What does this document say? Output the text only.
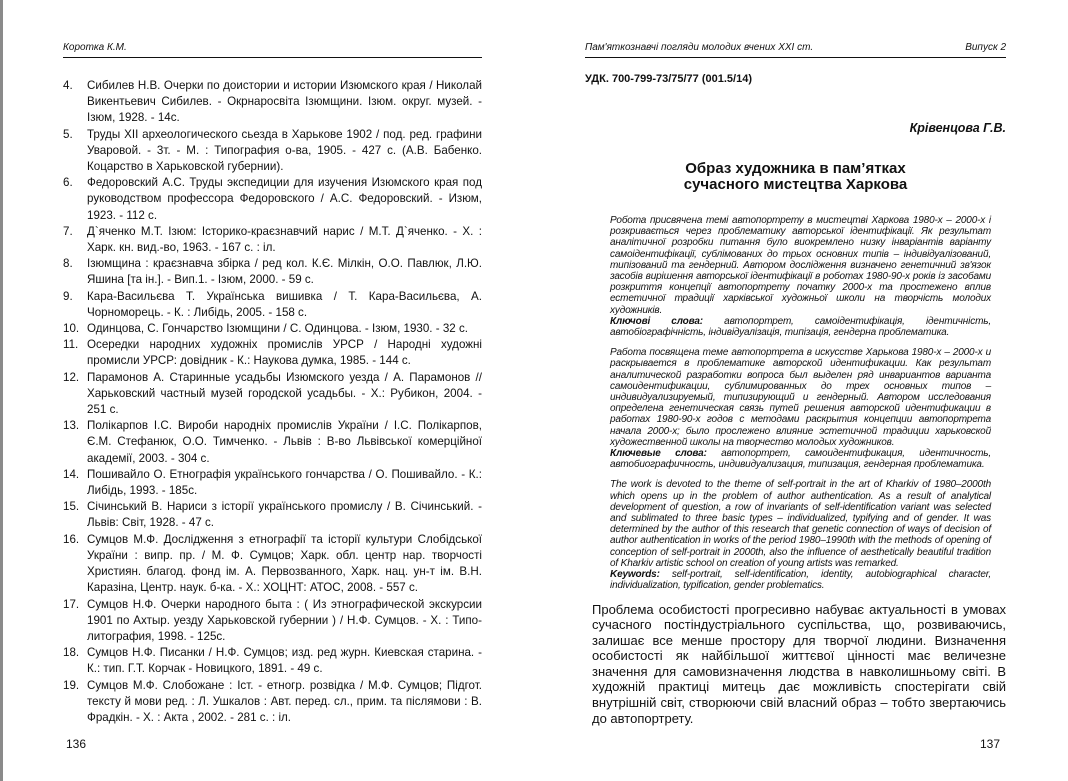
Коротка К.М.
4.	Сибилев Н.В. Очерки по доистории и истории Изюмского края / Николай Викентьевич Сибилев. - Окрнаросвіта Ізюмщини. Ізюм. округ. музей. - Ізюм, 1928. - 14с.
5.	Труды XII археологического сьезда в Харькове 1902 / под. ред. графини Уваровой. - 3т. - М. : Типография о-ва, 1905. - 427 с. (А.В. Бабенко. Коцарство в Харьковской губернии).
6.	Федоровский А.С. Труды экспедиции для изучения Изюмского края под руководством профессора Федоровского / А.С. Федоровский. - Изюм, 1923. - 112 с.
7.	Д`яченко М.Т. Ізюм: Історико-краєзнавчий нарис / М.Т. Д`яченко. - Х. : Харк. кн. вид.-во, 1963. - 167 с. : іл.
8.	Ізюмщина : краєзнавча збірка / ред кол. К.Є. Мілкін, О.О. Павлюк, Л.Ю. Яшина [та ін.]. - Вип.1. - Ізюм, 2000. - 59 с.
9.	Кара-Васильєва Т. Українська вишивка / Т. Кара-Васильєва, А. Чорноморець. - К. : Либідь, 2005. - 158 с.
10. Одинцова, С. Гончарство Ізюмщини / С. Одинцова. - Ізюм, 1930. - 32 с.
11. Осередки народних художніх промислів УРСР / Народні художні промисли УРСР: довідник - К.: Наукова думка, 1985. - 144 с.
12. Парамонов А. Старинные усадьбы Изюмского уезда / А. Парамонов // Харьковский частный музей городской усадьбы. - Х.: Рубикон, 2004. - 251 с.
13. Полікарпов І.С. Вироби народніх промислів України / І.С. Полікарпов, Є.М. Стефанюк, О.О. Тимченко. - Львів : В-во Львівської комерційної академії, 2003. - 304 с.
14. Пошивайло О. Етнографія українського гончарства / О. Пошивайло. - К.: Либідь, 1993. - 185с.
15. Січинський В. Нариси з історії українського промислу / В. Січинський. - Львів: Світ, 1928. - 47 с.
16. Сумцов М.Ф. Дослідження з етнографії та історії культури Слобідської України : випр. пр. / М. Ф. Сумцов; Харк. обл. центр нар. творчості Християн. благод. фонд ім. А. Первозванного, Харк. нац. ун-т ім. В.Н. Каразіна, Центр. наук. б-ка. - Х.: ХОЦНТ: АТОС, 2008. - 557 с.
17. Сумцов Н.Ф. Очерки народного быта : ( Из этнографической экскурсии 1901 по Ахтыр. уезду Харьковской губернии ) / Н.Ф. Сумцов. - Х. : Типо-литография, 1998. - 125с.
18. Сумцов Н.Ф. Писанки / Н.Ф. Сумцов; изд. ред журн. Киевская старина. - К.: тип. Г.Т. Корчак - Новицкого, 1891. - 49 с.
19. Сумцов М.Ф. Слобожане : Іст. - етногр. розвідка / М.Ф. Сумцов; Підгот. тексту й мови ред. : Л. Ушкалов : Авт. перед. сл., прим. та післямови : В. Фрадкін. - Х. : Акта , 2002. - 281 с. : іл.
136
Пам'яткознавчі погляди молодих вчених XXI ст.	Випуск 2
УДК. 700-799-73/75/77 (001.5/14)
Крівенцова Г.В.
Образ художника в пам’ятках
сучасного мистецтва Харкова
Робота присвячена темі автопортрету в мистецтві Харкова 1980-х – 2000-х і розкривається через проблематику авторської ідентифікації. Як результат аналітичної розробки питання було виокремлено низку інваріантів варіанту самоідентифікації, сублімованих до трьох основних типів – індивідуалізований, типізований та гендерний. Автором дослідження визначено генетичний зв'язок засобів вирішення авторської ідентифікації в роботах 1980-90-х років із засобами розкриття концепції автопортрету початку 2000-х та простежено вплив естетичної традиції харківської художньої школи на творчість молодих художників.
Ключові слова: автопортрет, самоідентифікація, ідентичність, автобіографічність, індивідуалізація, типізація, гендерна проблематика.
Работа посвящена теме автопортрета в искусстве Харькова 1980-х – 2000-х и раскрывается в проблематике авторской идентификации. Как результат аналитической разработки вопроса был выделен ряд инвариантов варианта самоидентификации, сублимированных до трех основных типов – индивидуализируемый, типизирующий и гендерный. Автором исследования определена генетическая связь путей решения авторской идентификации в работах 1980-90-х годов с методами раскрытия концепции автопортрета начала 2000-х; было прослежено влияние эстетичной традиции харьковской художественной школы на творчество молодых художников.
Ключевые слова: автопортрет, самоидентификация, идентичность, автобиографичность, индивидуализация, типизация, гендерная проблематика.
The work is devoted to the theme of self-portrait in the art of Kharkiv of 1980–2000th which opens up in the problem of author authentication. As a result of analytical development of question, a row of invariants of self-identification variant was selected and sublimated to three basic types – individualized, typifying and of gender. It was determined by the author of this research that genetic connection of ways of decision of author authentication in works of the period 1980–1990th with the methods of opening of conception of self-portrait in 2000th, also the influence of aesthetically beautiful tradition of Kharkiv artistic school on creation of young artists was remarked.
Keywords: self-portrait, self-identification, identity, autobiographical character, individualization, typification, gender problematics.
Проблема особистості прогресивно набуває актуальності в умовах сучасного постіндустріального суспільства, що, розвиваючись, залишає все менше простору для творчої людини. Визначення особистості як найбільшої життєвої цінності має величезне значення для самовизначення людства в навколишньому світі. В художній практиці митець дає можливість спостерігати свій внутрішній світ, створюючи свій власний образ – тобто звертаючись до автопортрету.
137
